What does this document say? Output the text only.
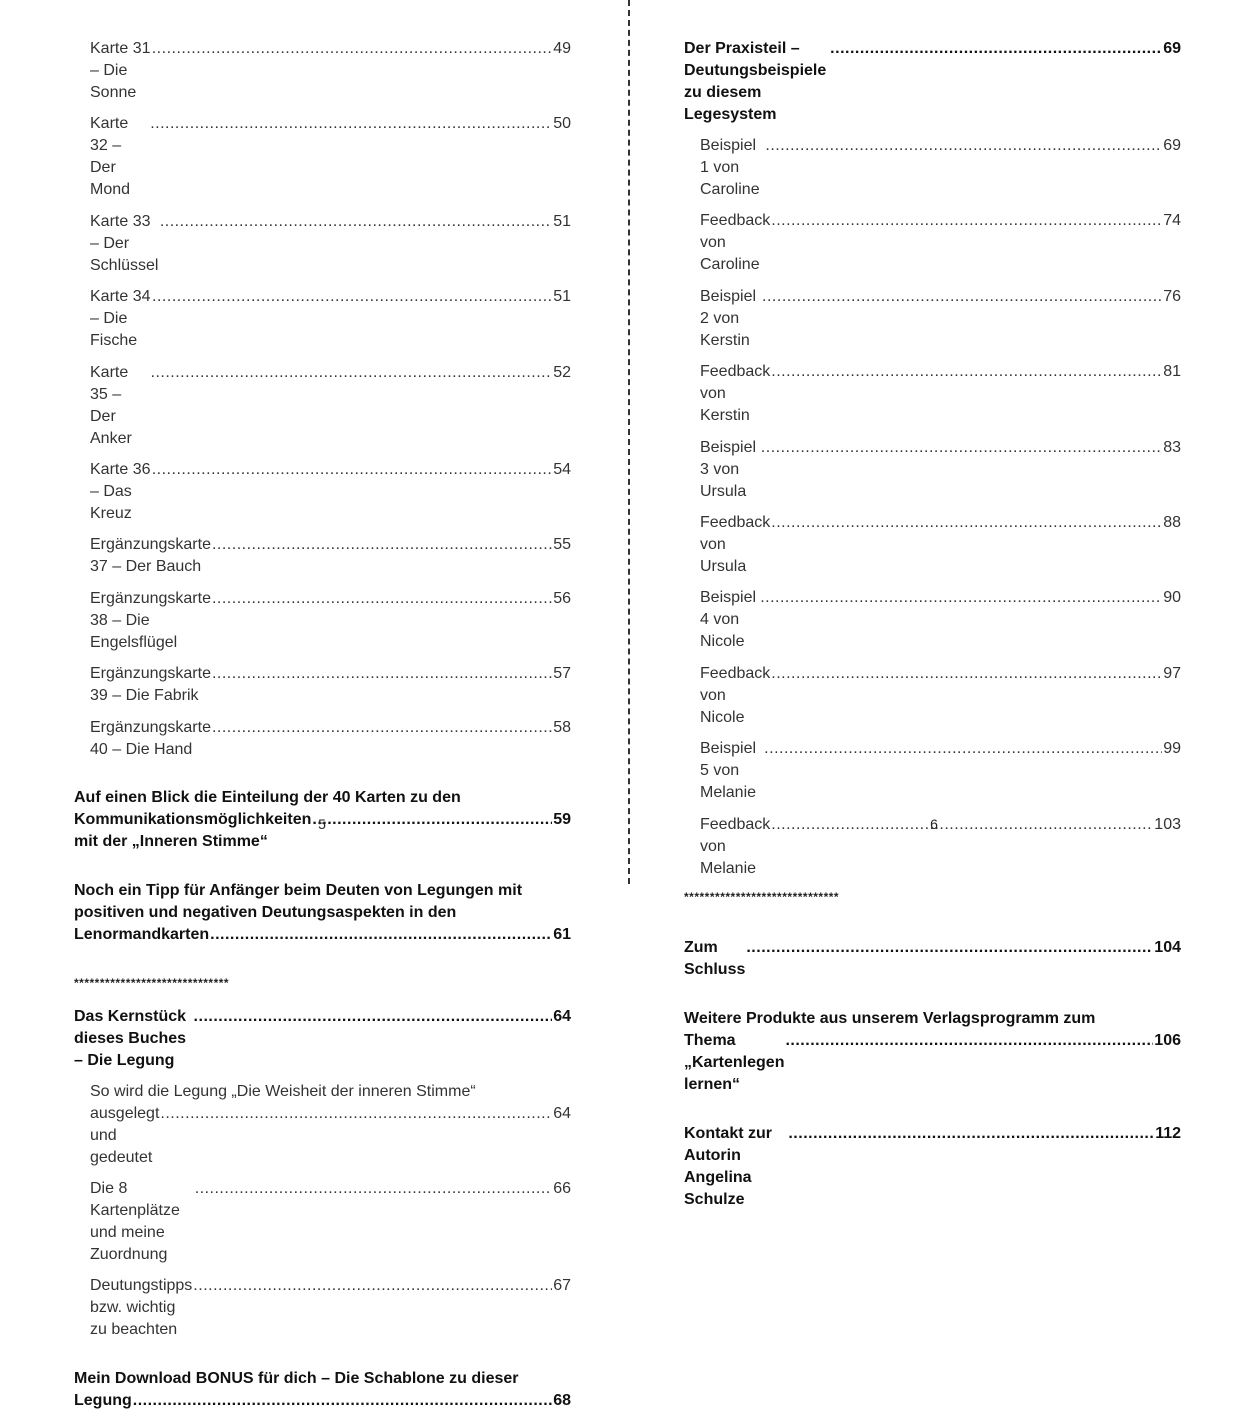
Karte 31 – Die Sonne
.....
49
Karte 32 – Der Mond
.....
50
Karte 33 – Der Schlüssel
.....
51
Karte 34 – Die Fische
.....
51
Karte 35 – Der Anker
.....
52
Karte 36 – Das Kreuz
.....
54
Ergänzungskarte 37 – Der Bauch
.....
55
Ergänzungskarte 38 – Die Engelsflügel
.....
56
Ergänzungskarte 39 – Die Fabrik
.....
57
Ergänzungskarte 40 – Die Hand
.....
58
Auf einen Blick die Einteilung der 40 Karten zu den
Kommunikationsmöglichkeiten mit der „Inneren Stimme“
.....
59
Noch ein Tipp für Anfänger beim Deuten von Legungen mit
positiven und negativen Deutungsaspekten in den
Lenormandkarten .....	61
******************************
Das Kernstück dieses Buches – Die Legung
.....
64
So wird die Legung „Die Weisheit der inneren Stimme“
ausgelegt und gedeutet
.....
64
Die 8 Kartenplätze und meine Zuordnung
.....
66
Deutungstipps bzw. wichtig zu beachten
.....
67
Mein Download BONUS für dich – Die Schablone zu dieser
Legung .....	68
5
Der Praxisteil – Deutungsbeispiele zu diesem Legesystem
.....
69
Beispiel 1 von Caroline
.....
69
Feedback von Caroline
.....
74
Beispiel 2 von Kerstin
.....
76
Feedback von Kerstin
.....
81
Beispiel 3 von Ursula
.....
83
Feedback von Ursula
.....
88
Beispiel 4 von Nicole
.....
90
Feedback von Nicole
.....
97
Beispiel 5 von Melanie
.....
99
Feedback von Melanie
.....
103
******************************
Zum Schluss
.....
104
Weitere Produkte aus unserem Verlagsprogramm zum
Thema „Kartenlegen lernen“
.....
106
Kontakt zur Autorin Angelina Schulze
.....
112
6
